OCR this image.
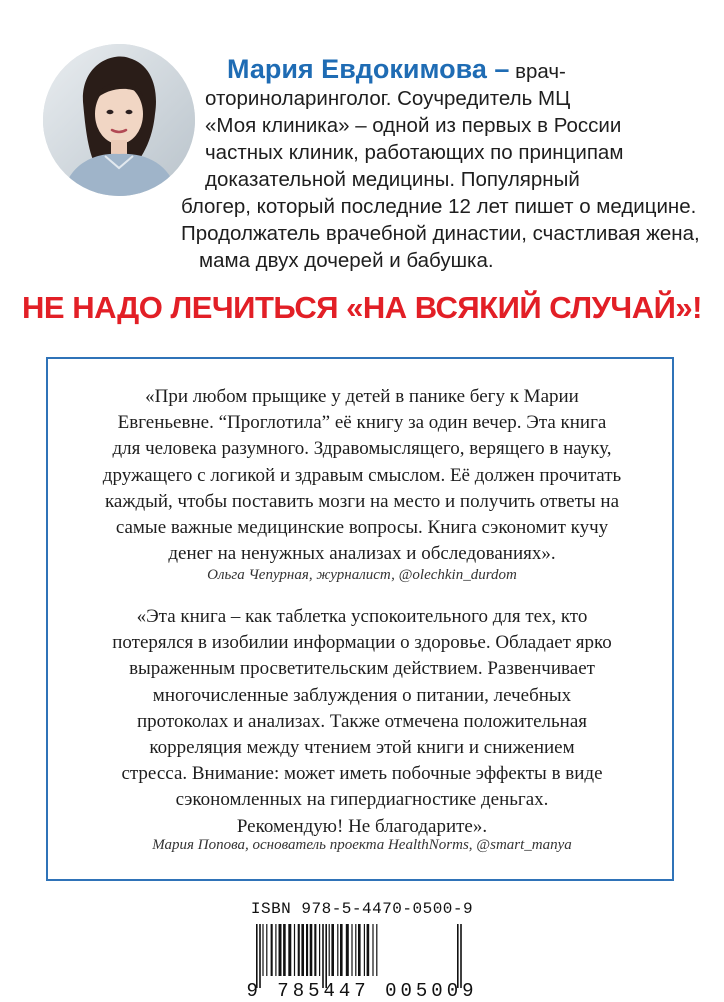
Мария Евдокимова – врач-
оториноларинголог. Соучредитель МЦ
«Моя клиника» – одной из первых в России
частных клиник, работающих по принципам
доказательной медицины. Популярный
блогер, который последние 12 лет пишет о медицине.
Продолжатель врачебной династии, счастливая жена,
мама двух дочерей и бабушка.
НЕ НАДО ЛЕЧИТЬСЯ «НА ВСЯКИЙ СЛУЧАЙ»!
«При любом прыщике у детей в панике бегу к Марии
Евгеньевне. “Проглотила” её книгу за один вечер. Эта книга
для человека разумного. Здравомыслящего, верящего в науку,
дружащего с логикой и здравым смыслом. Её должен прочитать
каждый, чтобы поставить мозги на место и получить ответы на
самые важные медицинские вопросы. Книга сэкономит кучу
денег на ненужных анализах и обследованиях».
Ольга Чепурная, журналист, @olechkin_durdom
«Эта книга – как таблетка успокоительного для тех, кто
потерялся в изобилии информации о здоровье. Обладает ярко
выраженным просветительским действием. Развенчивает
многочисленные заблуждения о питании, лечебных
протоколах и анализах. Также отмечена положительная
корреляция между чтением этой книги и снижением
стресса. Внимание: может иметь побочные эффекты в виде
сэкономленных на гипердиагностике деньгах.
Рекомендую! Не благодарите».
Мария Попова, основатель проекта HealthNorms, @smart_manya
ISBN 978-5-4470-0500-9
9 785447 005009
